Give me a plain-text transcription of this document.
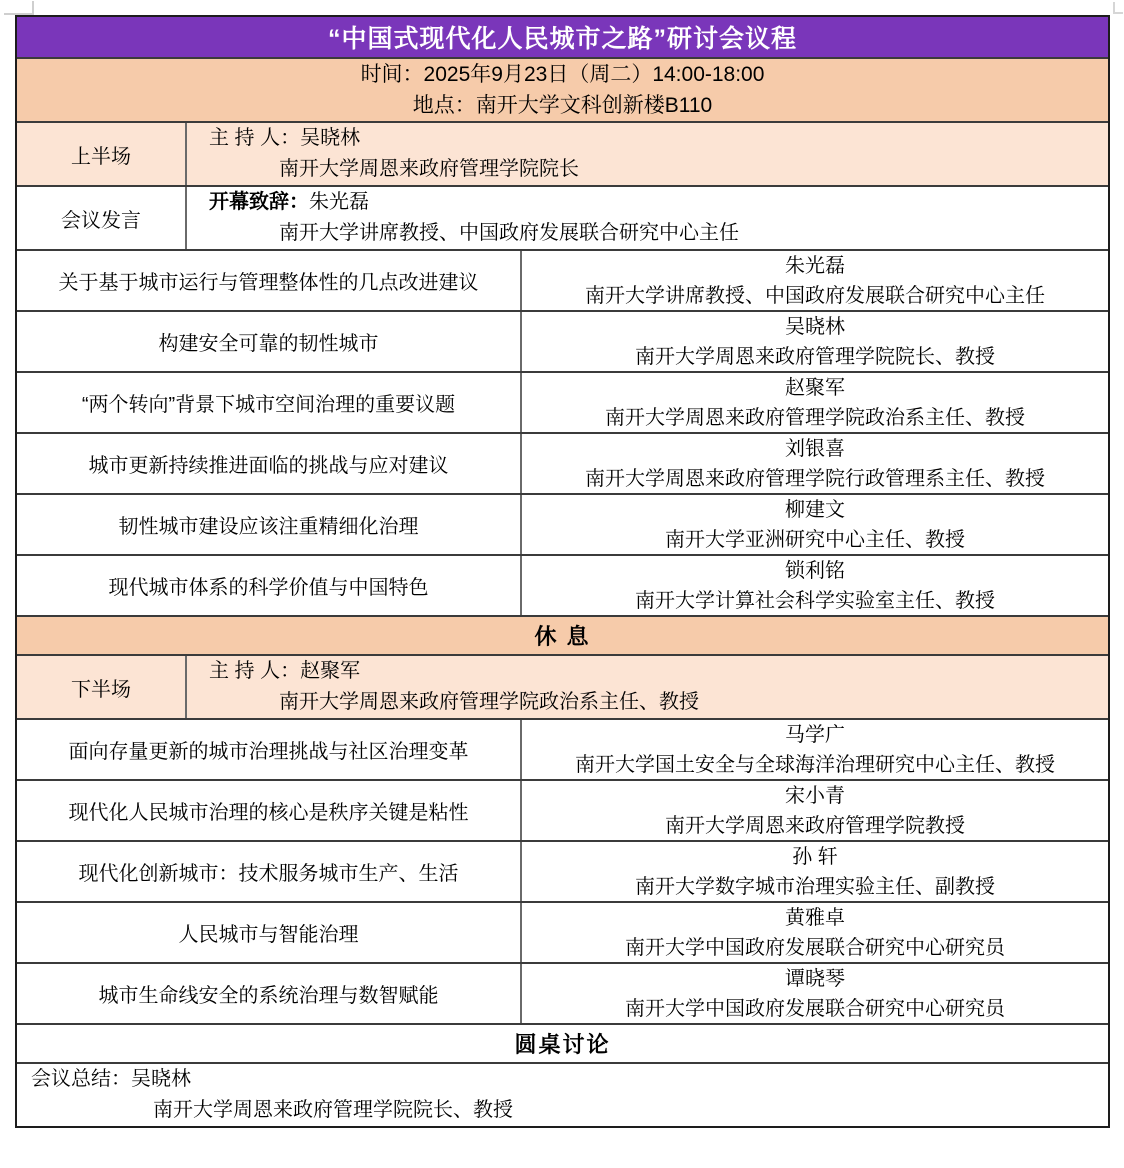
“中国式现代化人民城市之路”研讨会议程
时间：2025年9月23日（周二）14:00-18:00
地点：南开大学文科创新楼B110
上半场
主 持 人：吴晓林
南开大学周恩来政府管理学院院长
会议发言
开幕致辞：朱光磊
南开大学讲席教授、中国政府发展联合研究中心主任
关于基于城市运行与管理整体性的几点改进建议
朱光磊
南开大学讲席教授、中国政府发展联合研究中心主任
构建安全可靠的韧性城市
吴晓林
南开大学周恩来政府管理学院院长、教授
“两个转向”背景下城市空间治理的重要议题
赵聚军
南开大学周恩来政府管理学院政治系主任、教授
城市更新持续推进面临的挑战与应对建议
刘银喜
南开大学周恩来政府管理学院行政管理系主任、教授
韧性城市建设应该注重精细化治理
柳建文
南开大学亚洲研究中心主任、教授
现代城市体系的科学价值与中国特色
锁利铭
南开大学计算社会科学实验室主任、教授
休 息
下半场
主 持 人：赵聚军
南开大学周恩来政府管理学院政治系主任、教授
面向存量更新的城市治理挑战与社区治理变革
马学广
南开大学国土安全与全球海洋治理研究中心主任、教授
现代化人民城市治理的核心是秩序关键是粘性
宋小青
南开大学周恩来政府管理学院教授
现代化创新城市：技术服务城市生产、生活
孙 轩
南开大学数字城市治理实验主任、副教授
人民城市与智能治理
黄雅卓
南开大学中国政府发展联合研究中心研究员
城市生命线安全的系统治理与数智赋能
谭晓琴
南开大学中国政府发展联合研究中心研究员
圆桌讨论
会议总结：吴晓林
南开大学周恩来政府管理学院院长、教授
